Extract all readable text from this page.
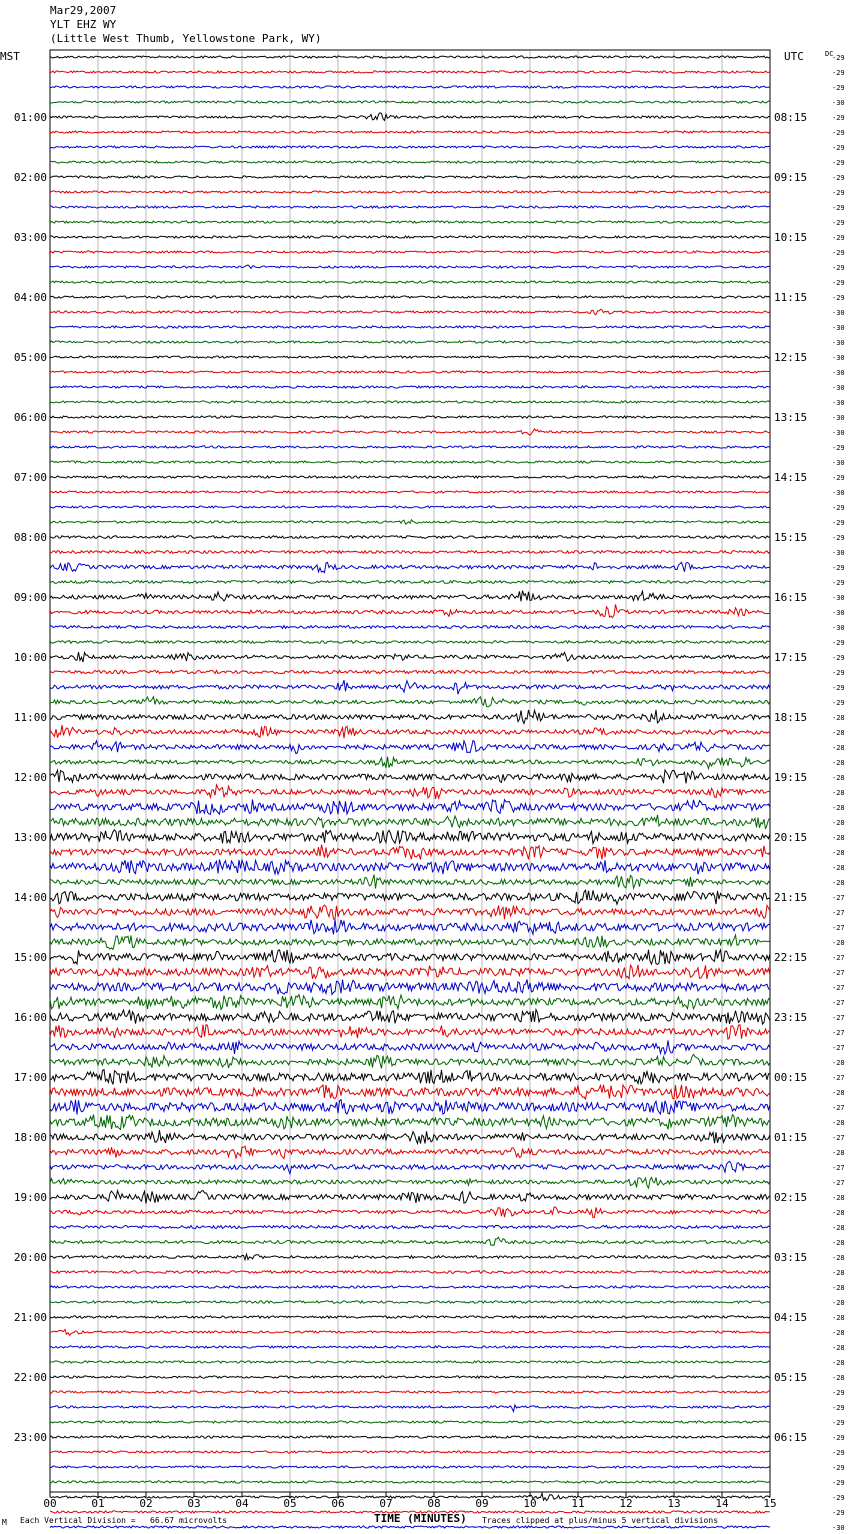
Mar29,2007
YLT EHZ WY
(Little West Thumb, Yellowstone Park, WY)
MST	UTC	DC
00	01	02	03	04	05	06	07	08	09	10	11	12	13	14	15
-29
-29
-29
-30
-29
-29
-29
-29
-29
-29
-29
-29
-29
-29
-29
-29
-29
-30
-30
-30
-30
-30
-30
-30
-30
-30
-29
-30
-29
-30
-29
-29
-29
-30
-29
-29
-30
-30
-30
-29
-29
-29
-29
-29
-28
-28
-28
-28
-28
-28
-28
-28
-28
-28
-28
-28
-27
-27
-27
-28
-27
-27
-27
-27
-27
-27
-27
-28
-27
-28
-27
-28
-27
-28
-27
-27
-28
-28
-28
-28
-28
-28
-28
-28
-28
-28
-28
-28
-28
-29
-29
-29
-29
-29
-29
-29
-29
-29
-30
01:00
02:00
03:00
04:00
05:00
06:00
07:00
08:00
09:00
10:00
11:00
12:00
13:00
14:00
15:00
16:00
17:00
18:00
19:00
20:00
21:00
22:00
23:00
08:15
09:15
10:15
11:15
12:15
13:15
14:15
15:15
16:15
17:15
18:15
19:15
20:15
21:15
22:15
23:15
00:15
01:15
02:15
03:15
04:15
05:15
06:15
M Each Vertical Division =   66.67 microvolts	TIME (MINUTES) Traces clipped at plus/minus 5 vertical divisions
